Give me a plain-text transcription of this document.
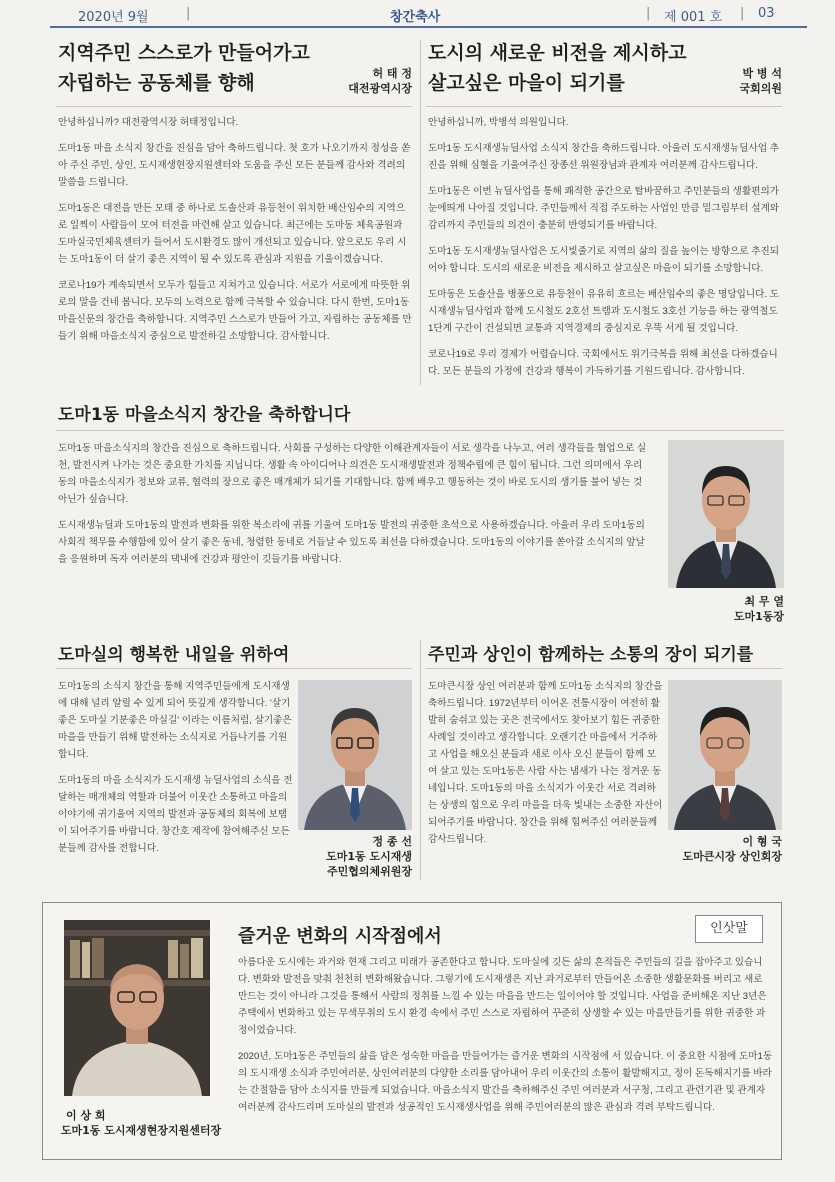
2020년 9월	|	창간축사	| 제 001 호 | 03
지역주민 스스로가 만들어가고
자립하는 공동체를 향해	허 태 정
대전광역시장

안녕하십니까? 대전광역시장 허태정입니다.

도마1동 마을 소식지 창간을 진심을 담아 축하드립니다. 첫 호가 나오기까지 정성을 쏟아 주신 주민, 상인, 도시재생현장지원센터와 도움을 주신 모든 분들께 감사와 격려의 말씀을 드립니다.

도마1동은 대전을 만든 모태 중 하나로 도솔산과 유등천이 위치한 배산임수의 지역으로 일찍이 사람들이 모여 터전을 마련해 살고 있습니다. 최근에는 도마동 체육공원과 도마실국민체육센터가 들어서 도시환경도 많이 개선되고 있습니다. 앞으로도 우리 시는 도마1동이 더 살기 좋은 지역이 될 수 있도록 관심과 지원을 기울이겠습니다.

코로나19가 계속되면서 모두가 힘들고 지쳐가고 있습니다. 서로가 서로에게 따뜻한 위로의 말을 건네 봅니다. 모두의 노력으로 함께 극복할 수 있습니다. 다시 한번, 도마1동 마을신문의 창간을 축하합니다. 지역주민 스스로가 만들어 가고, 자립하는 공동체를 만들기 위해 마을소식지 중심으로 발전하길 소망합니다. 감사합니다.

도시의 새로운 비전을 제시하고
살고싶은 마을이 되기를	박 병 석
국회의원

안녕하십니까, 박병석 의원입니다.

도마1동 도시재생뉴딜사업 소식지 창간을 축하드립니다. 아울러 도시재생뉴딜사업 추진을 위해 심혈을 기울여주신 장종선 위원장님과 관계자 여러분께 감사드립니다.

도마1동은 이번 뉴딜사업을 통해 쾌적한 공간으로 탈바꿈하고 주민분들의 생활편의가 눈에띄게 나아질 것입니다. 주민들께서 직접 주도하는 사업인 만큼 밑그림부터 설계와 감리까지 주민들의 의견이 충분히 반영되기를 바랍니다.

도마1동 도시재생뉴딜사업은 도시빛줄기로 지역의 삶의 질을 높이는 방향으로 추진되어야 합니다. 도시의 새로운 비전을 제시하고 살고싶은 마을이 되기를 소망합니다.

도마동은 도솔산을 병풍으로 유등천이 유유히 흐르는 배산임수의 좋은 명당입니다. 도시재생뉴딜사업과 함께 도시철도 2호선 트램과 도시철도 3호선 기능을 하는 광역철도 1단계 구간이 건설되면 교통과 지역경제의 중심지로 우뚝 서게 될 것입니다.

코로나19로 우리 경제가 어렵습니다. 국회에서도 위기극복을 위해 최선을 다하겠습니다. 모든 분들의 가정에 건강과 행복이 가득하기를 기원드립니다. 감사합니다.

도마1동 마을소식지 창간을 축하합니다

도마1동 마을소식지의 창간을 진심으로 축하드립니다. 사회를 구성하는 다양한 이해관계자들이 서로 생각을 나누고, 여러 생각들을 협업으로 실천, 발전시켜 나가는 것은 중요한 가치를 지닙니다. 생활 속 아이디어나 의견은 도시재생발전과 정책수립에 큰 힘이 됩니다. 그런 의미에서 우리 동의 마을소식지가 정보와 교류, 협력의 장으로 좋은 매개체가 되기를 기대합니다. 함께 배우고 행동하는 것이 바로 도시의 생기를 불어 넣는 것 아닌가 싶습니다.

도시재생뉴딜과 도마1동의 발전과 변화를 위한 복소리에 귀를 기울여 도마1동 발전의 귀중한 초석으로 사용하겠습니다. 아울러 우리 도마1동의 사회적 책무를 수행함에 있어 살기 좋은 동네, 청렴한 동네로 거듭날 수 있도록 최선을 다하겠습니다. 도마1동의 이야기를 쏟아갈 소식지의 앞날을 응원하며 독자 여러분의 댁내에 건강과 평안이 깃들기를 바랍니다.

최 무 열
도마1동장
도마실의 행복한 내일을 위하여

도마1동의 소식지 창간을 통해 지역주민들에게 도시재생에 대해 널리 알릴 수 있게 되어 뜻깊게 생각합니다. '살기좋은 도마실 기분좋은 마실길' 이라는 이름처럼, 살기좋은 마을을 만들기 위해 발전하는 소식지로 거듭나기를 기원합니다.

도마1동의 마을 소식지가 도시재생 뉴딜사업의 소식을 전달하는 매개체의 역할과 더불어 이웃간 소통하고 마을의 이야기에 귀기울여 지역의 발전과 공동체의 회복에 보탬이 되어주기를 바랍니다. 창간호 제작에 참여해주신 모든 분들께 감사를 전합니다.

정 종 선
도마1동 도시재생
주민협의체위원장
주민과 상인이 함께하는 소통의 장이 되기를

도마큰시장 상인 여러분과 함께 도마1동 소식지의 창간을 축하드립니다. 1972년부터 이어온 전통시장이 여전히 활발히 숨쉬고 있는 곳은 전국에서도 찾아보기 힘든 귀중한 사례일 것이라고 생각합니다. 오랜기간 마을에서 거주하고 사업을 해오신 분들과 새로 이사 오신 분들이 함께 모여 살고 있는 도마1동은 사람 사는 냄새가 나는 정겨운 동네입니다. 도마1동의 마을 소식지가 이웃간 서로 격려하는 상생의 힘으로 우리 마을을 더욱 빛내는 소중한 자산이 되어주기를 바랍니다. 창간을 위해 힘써주신 여러분들께 감사드립니다.	이 형 국
도마큰시장 상인회장
인삿말
이 상 희
도마1동 도시재생현장지원센터장
즐거운 변화의 시작점에서

아름다운 도시에는 과거와 현재 그리고 미래가 공존한다고 합니다. 도마실에 깃든 삶의 흔적들은 주민들의 길을 잡아주고 있습니다. 변화와 발전을 맞춰 천천히 변화해왔습니다. 그렇기에 도시재생은 지난 과거로부터 만들어온 소중한 생활문화를 버리고 새로 만드는 것이 아니라 그것을 통해서 사람의 정취를 느낄 수 있는 마을을 만드는 일이어야 할 것입니다. 사업을 준비해온 지난 3년은 주택에서 변화하고 있는 무색무취의 도시 환경 속에서 주민 스스로 자립하여 꾸준히 상생할 수 있는 마을만들기를 위한 귀중한 과정이었습니다.

2020년, 도마1동은 주민들의 삶을 담은 성숙한 마을을 만들어가는 즐거운 변화의 시작점에 서 있습니다. 이 중요한 시점에 도마1동의 도시재생 소식과 주민여러분, 상인여러분의 다양한 소리를 담아내어 우리 이웃간의 소통이 활발해지고, 정이 돈독해지기를 바라는 간절함을 담아 소식지를 만들게 되었습니다. 마을소식지 발간을 축하해주신 주민 여러분과 서구청, 그리고 관련기관 및 관계자 여러분께 감사드리며 도마실의 발전과 성공적인 도시재생사업을 위해 주민여러분의 많은 관심과 격려 부탁드립니다.
